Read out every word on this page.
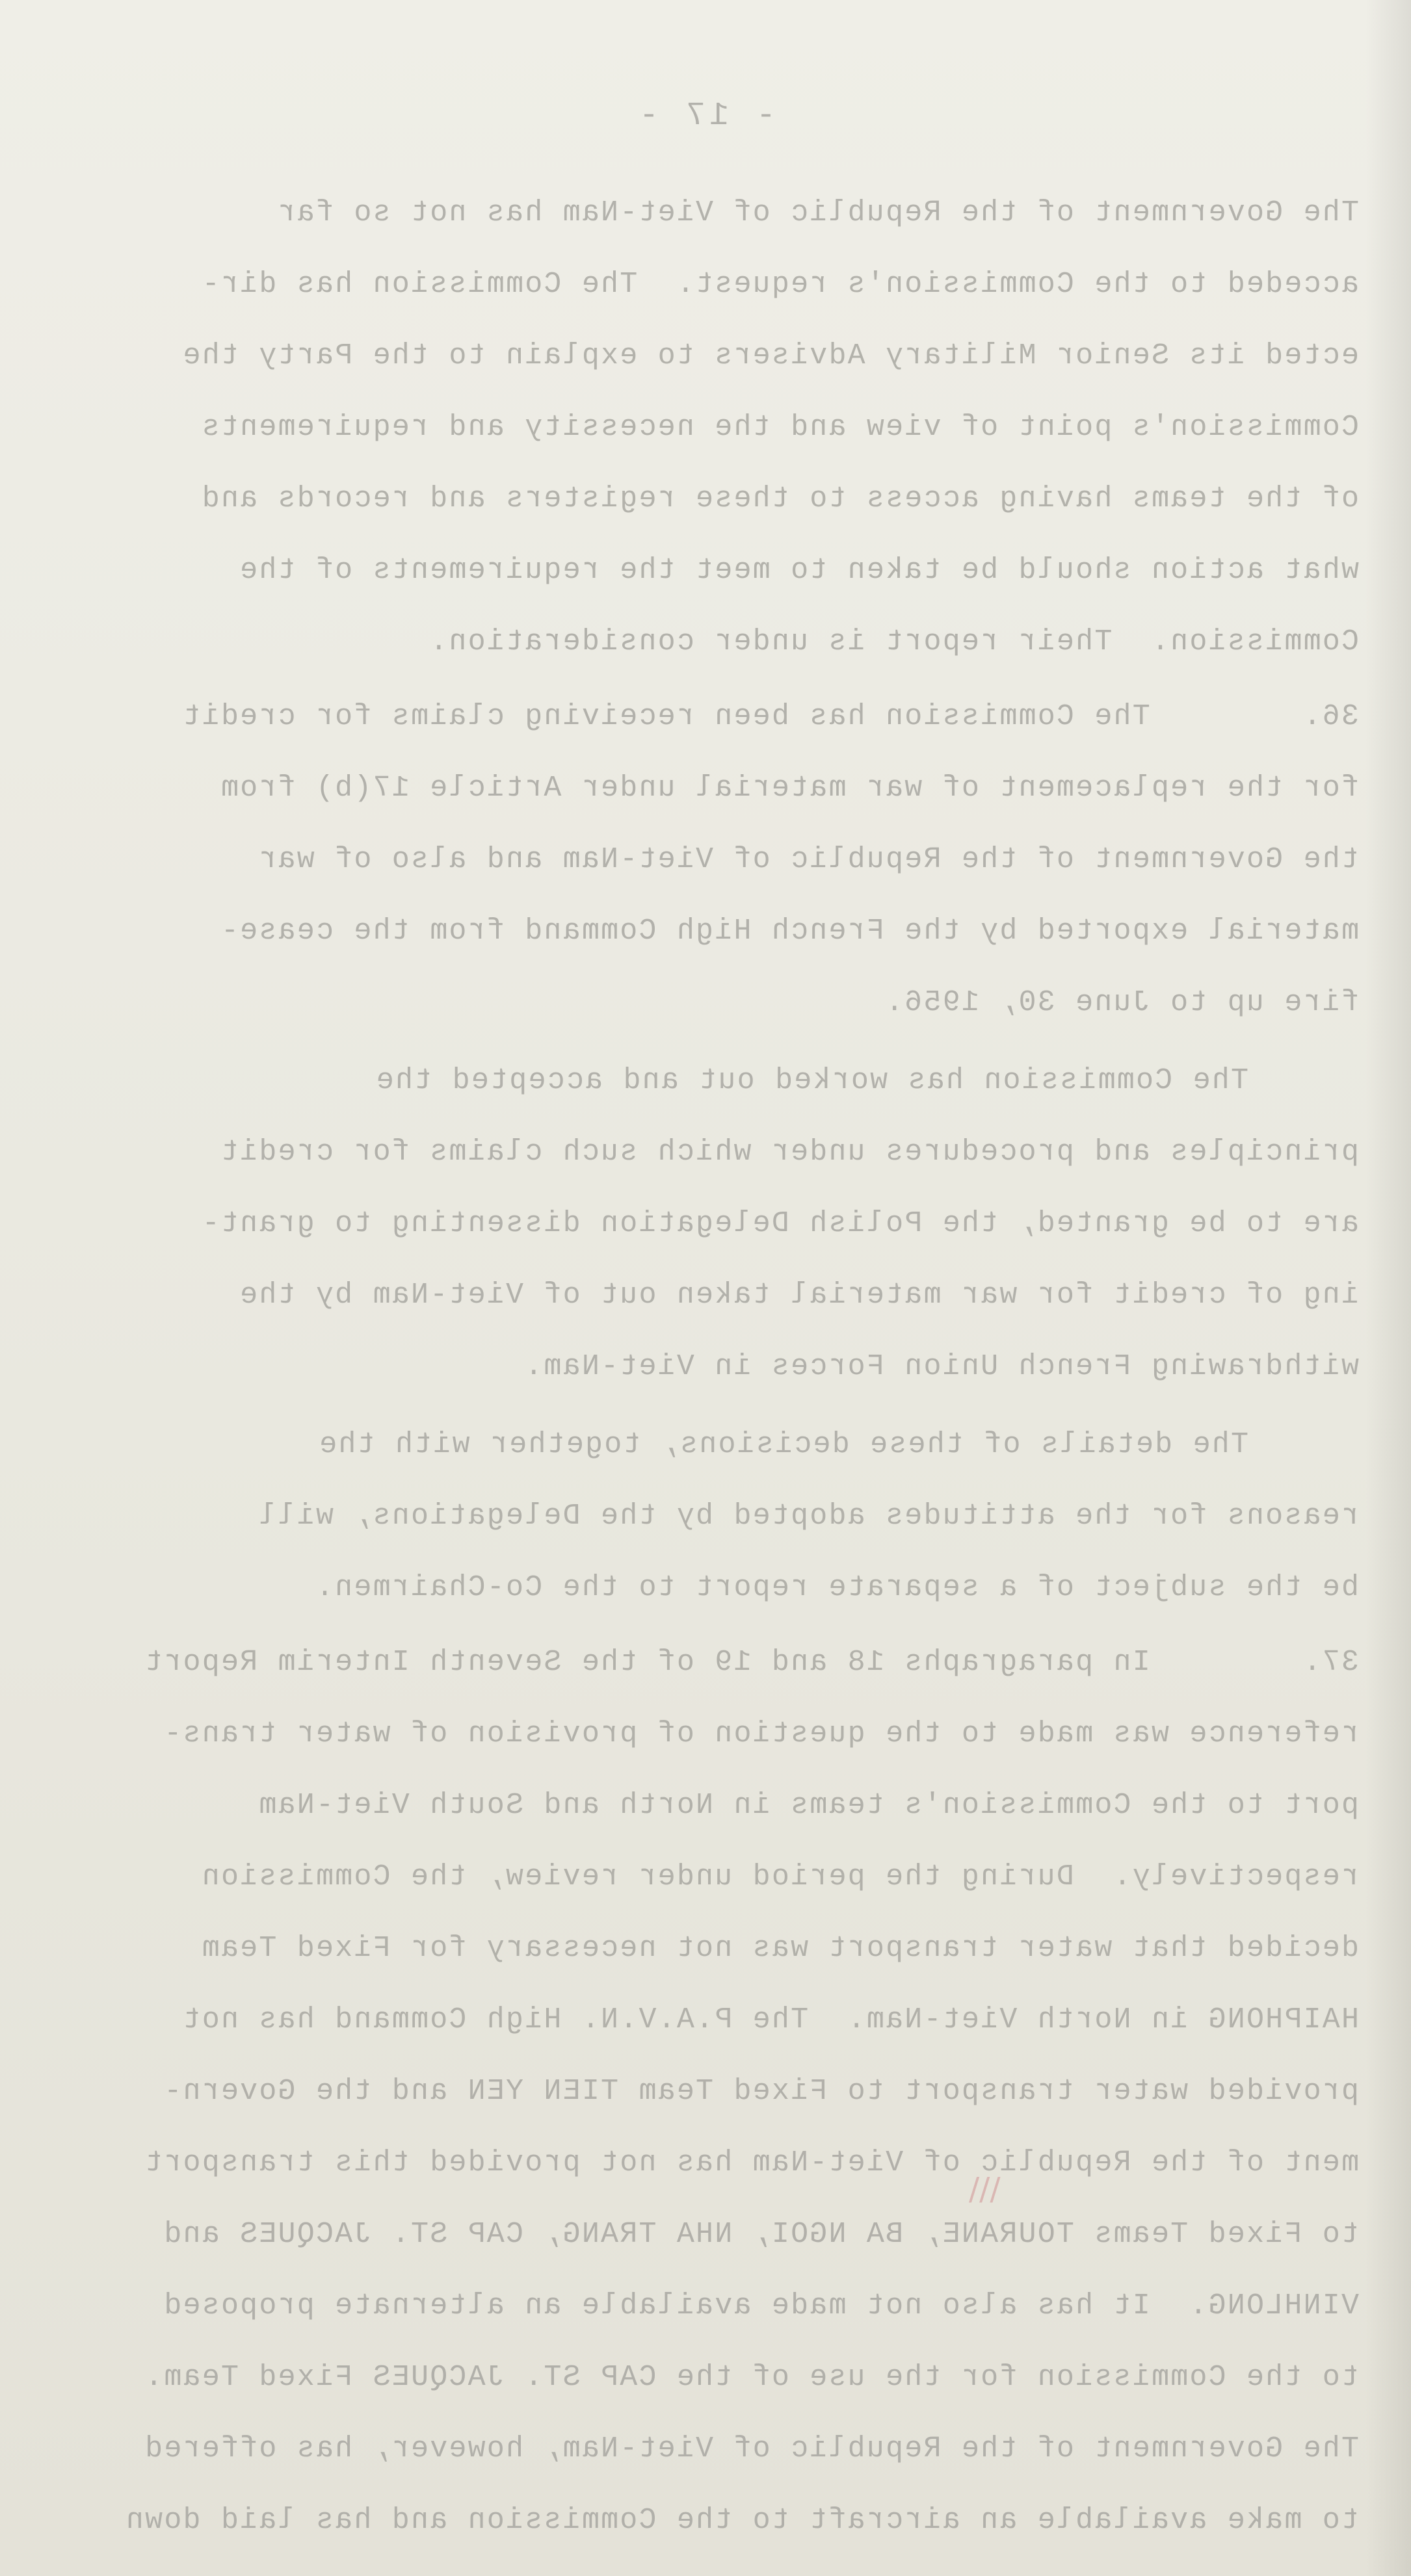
- 17 -
The Government of the Republic of Viet-Nam has not so far
acceded to the Commission's request.  The Commission has dir-
ected its Senior Military Advisers to explain to the Party the
Commission's point of view and the necessity and requirements
of the teams having access to these registers and records and
what action should be taken to meet the requirements of the
Commission.  Their report is under consideration.
36.        The Commission has been receiving claims for credit
for the replacement of war material under Article 17(b) from
the Government of the Republic of Viet-Nam and also of war
material exported by the French High Command from the cease-
fire up to June 30, 1956.
The Commission has worked out and accepted the
principles and procedures under which such claims for credit
are to be granted, the Polish Delegation dissenting to grant-
ing of credit for war material taken out of Viet-Nam by the
withdrawing French Union Forces in Viet-Nam.
The details of these decisions, together with the
reasons for the attitudes adopted by the Delegations, will
be the subject of a separate report to the Co-Chairmen.
37.        In paragraphs 18 and 19 of the Seventh Interim Report
reference was made to the question of provision of water trans-
port to the Commission's teams in North and South Viet-Nam
respectively.  During the period under review, the Commission
decided that water transport was not necessary for Fixed Team
HAIPHONG in North Viet-Nam.  The P.A.V.N. High Command has not
provided water transport to Fixed Team TIEN YEN and the Govern-
ment of the Republic of Viet-Nam has not provided this transport
to Fixed Teams TOURANE, BA NGOI, NHA TRANG, CAP ST. JACQUES and
VINHLONG.  It has also not made available an alternate proposed
to the Commission for the use of the CAP ST. JACQUES Fixed Team.
The Government of the Republic of Viet-Nam, however, has offered
to make available an aircraft to the Commission and has laid down
∕∕∕
